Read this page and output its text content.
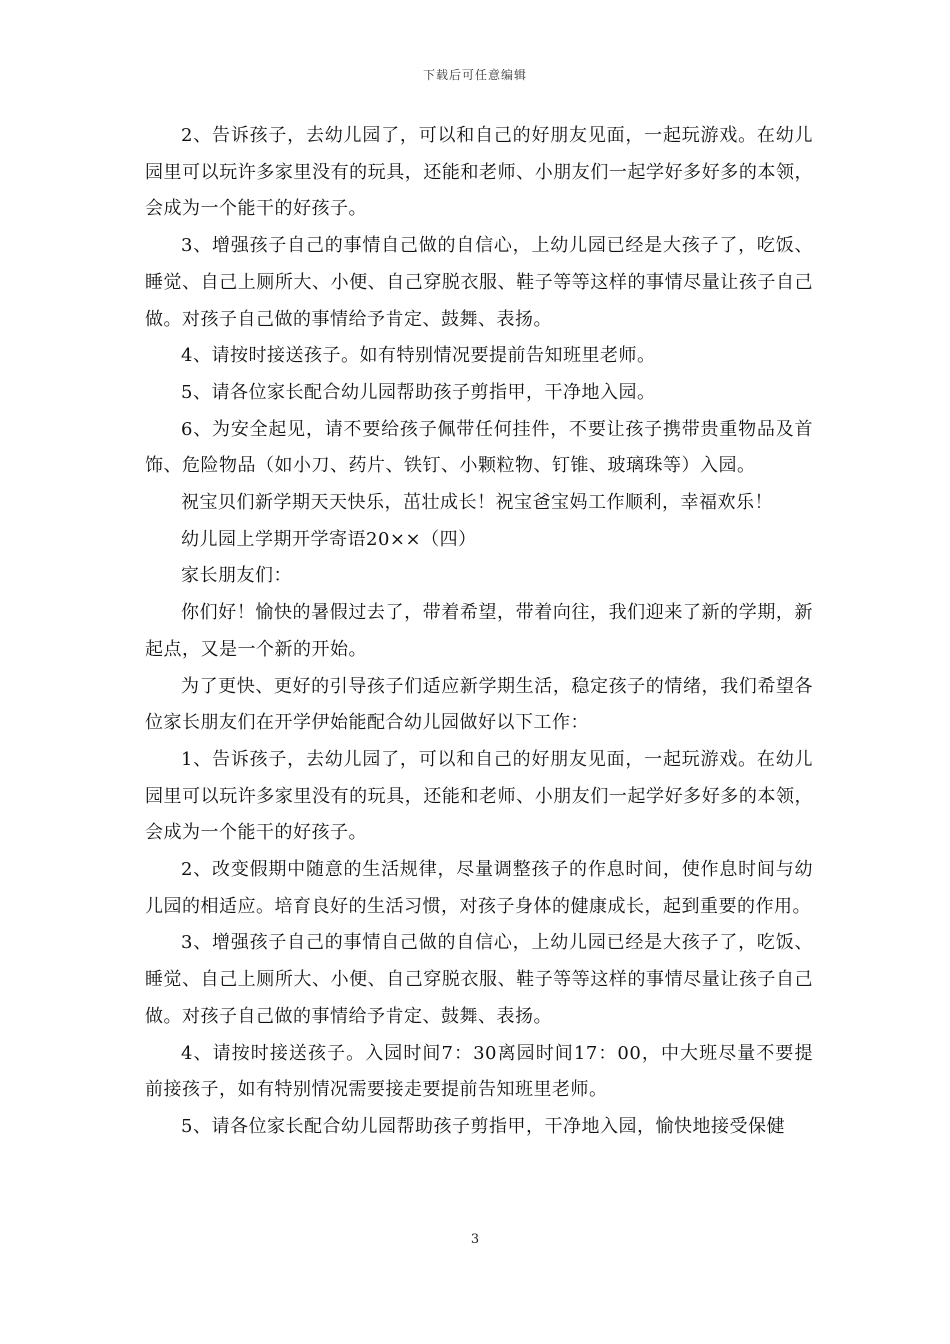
下载后可任意编辑

2、告诉孩子，去幼儿园了，可以和自己的好朋友见面，一起玩游戏。在幼儿园里可以玩许多家里没有的玩具，还能和老师、小朋友们一起学好多好多的本领，会成为一个能干的好孩子。

3、增强孩子自己的事情自己做的自信心，上幼儿园已经是大孩子了，吃饭、睡觉、自己上厕所大、小便、自己穿脱衣服、鞋子等等这样的事情尽量让孩子自己做。对孩子自己做的事情给予肯定、鼓舞、表扬。

4、请按时接送孩子。如有特别情况要提前告知班里老师。

5、请各位家长配合幼儿园帮助孩子剪指甲，干净地入园。

6、为安全起见，请不要给孩子佩带任何挂件，不要让孩子携带贵重物品及首饰、危险物品（如小刀、药片、铁钉、小颗粒物、钉锥、玻璃珠等）入园。

祝宝贝们新学期天天快乐，茁壮成长！祝宝爸宝妈工作顺利，幸福欢乐！

幼儿园上学期开学寄语20××（四）

家长朋友们：

你们好！愉快的暑假过去了，带着希望，带着向往，我们迎来了新的学期，新起点，又是一个新的开始。

为了更快、更好的引导孩子们适应新学期生活，稳定孩子的情绪，我们希望各位家长朋友们在开学伊始能配合幼儿园做好以下工作：

1、告诉孩子，去幼儿园了，可以和自己的好朋友见面，一起玩游戏。在幼儿园里可以玩许多家里没有的玩具，还能和老师、小朋友们一起学好多好多的本领，会成为一个能干的好孩子。

2、改变假期中随意的生活规律，尽量调整孩子的作息时间，使作息时间与幼儿园的相适应。培育良好的生活习惯，对孩子身体的健康成长，起到重要的作用。

3、增强孩子自己的事情自己做的自信心，上幼儿园已经是大孩子了，吃饭、睡觉、自己上厕所大、小便、自己穿脱衣服、鞋子等等这样的事情尽量让孩子自己做。对孩子自己做的事情给予肯定、鼓舞、表扬。

4、请按时接送孩子。入园时间7：30离园时间17：00，中大班尽量不要提前接孩子，如有特别情况需要接走要提前告知班里老师。

5、请各位家长配合幼儿园帮助孩子剪指甲，干净地入园，愉快地接受保健

3
